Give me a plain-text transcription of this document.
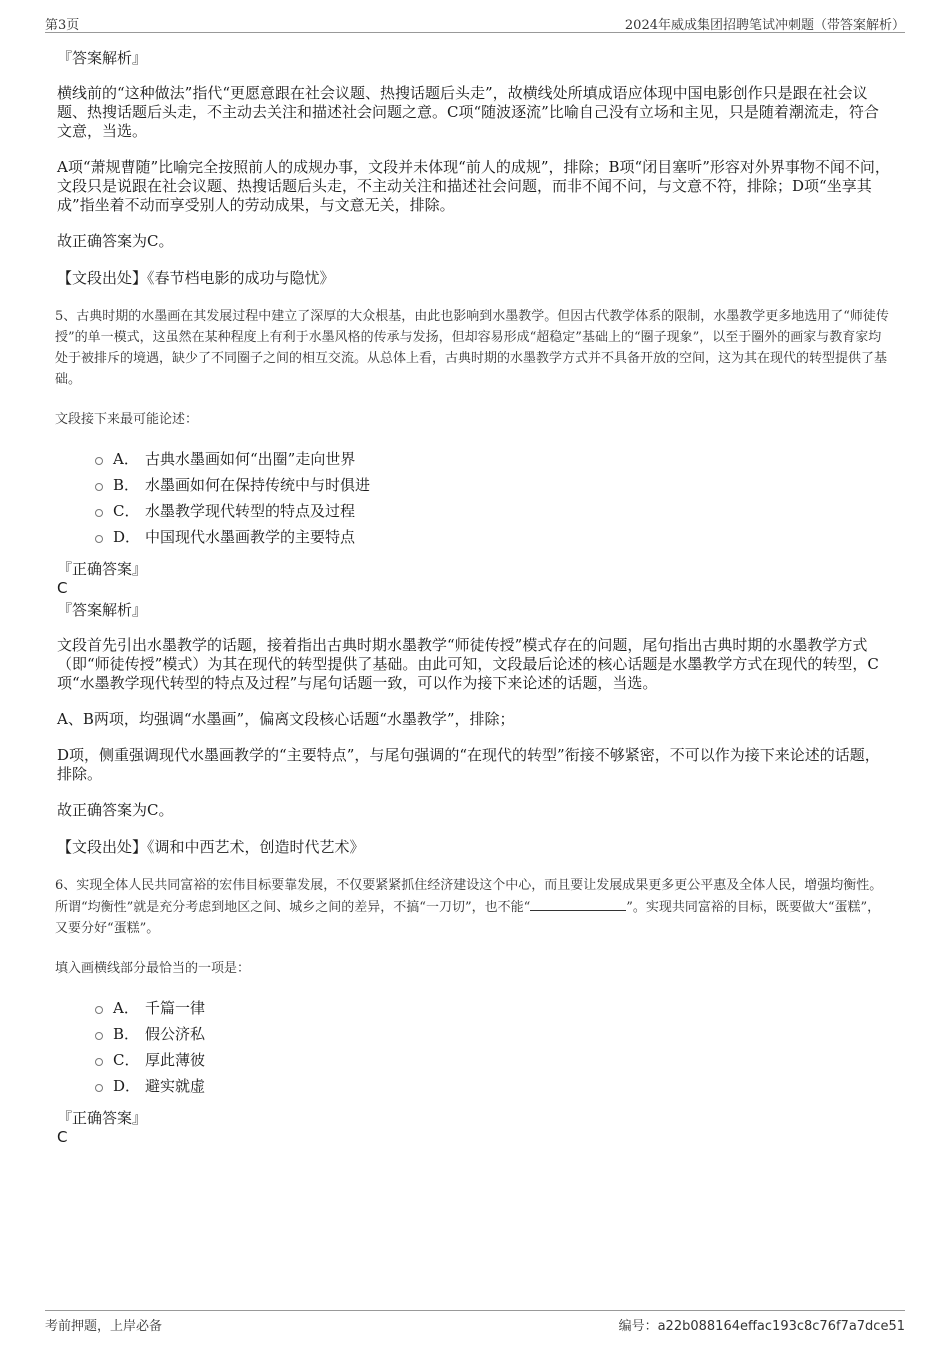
第3页	2024年威成集团招聘笔试冲刺题（带答案解析）
『答案解析』
横线前的“这种做法”指代“更愿意跟在社会议题、热搜话题后头走”，故横线处所填成语应体现中国电影创作只是跟在社会议题、热搜话题后头走，不主动去关注和描述社会问题之意。C项“随波逐流”比喻自己没有立场和主见，只是随着潮流走，符合文意，当选。
A项“萧规曹随”比喻完全按照前人的成规办事，文段并未体现“前人的成规”，排除；B项“闭目塞听”形容对外界事物不闻不问，文段只是说跟在社会议题、热搜话题后头走，不主动关注和描述社会问题，而非不闻不问，与文意不符，排除；D项“坐享其成”指坐着不动而享受别人的劳动成果，与文意无关，排除。
故正确答案为C。
【文段出处】《春节档电影的成功与隐忧》
5、古典时期的水墨画在其发展过程中建立了深厚的大众根基，由此也影响到水墨教学。但因古代教学体系的限制，水墨教学更多地选用了“师徒传授”的单一模式，这虽然在某种程度上有利于水墨风格的传承与发扬，但却容易形成“超稳定”基础上的“圈子现象”，以至于圈外的画家与教育家均处于被排斥的境遇，缺少了不同圈子之间的相互交流。从总体上看，古典时期的水墨教学方式并不具备开放的空间，这为其在现代的转型提供了基础。
文段接下来最可能论述：
A． 古典水墨画如何“出圈”走向世界
B． 水墨画如何在保持传统中与时俱进
C． 水墨教学现代转型的特点及过程
D． 中国现代水墨画教学的主要特点
『正确答案』
C
『答案解析』
文段首先引出水墨教学的话题，接着指出古典时期水墨教学“师徒传授”模式存在的问题，尾句指出古典时期的水墨教学方式（即“师徒传授”模式）为其在现代的转型提供了基础。由此可知，文段最后论述的核心话题是水墨教学方式在现代的转型，C项“水墨教学现代转型的特点及过程”与尾句话题一致，可以作为接下来论述的话题，当选。
A、B两项，均强调“水墨画”，偏离文段核心话题“水墨教学”，排除；
D项，侧重强调现代水墨画教学的“主要特点”，与尾句强调的“在现代的转型”衔接不够紧密，不可以作为接下来论述的话题，排除。
故正确答案为C。
【文段出处】《调和中西艺术，创造时代艺术》
6、实现全体人民共同富裕的宏伟目标要靠发展，不仅要紧紧抓住经济建设这个中心，而且要让发展成果更多更公平惠及全体人民，增强均衡性。所谓“均衡性”就是充分考虑到地区之间、城乡之间的差异，不搞“一刀切”，也不能“	”。实现共同富裕的目标，既要做大“蛋糕”，又要分好“蛋糕”。
填入画横线部分最恰当的一项是：
A． 千篇一律
B． 假公济私
C． 厚此薄彼
D． 避实就虚
『正确答案』
C
考前押题，上岸必备	编号：a22b088164effac193c8c76f7a7dce51
